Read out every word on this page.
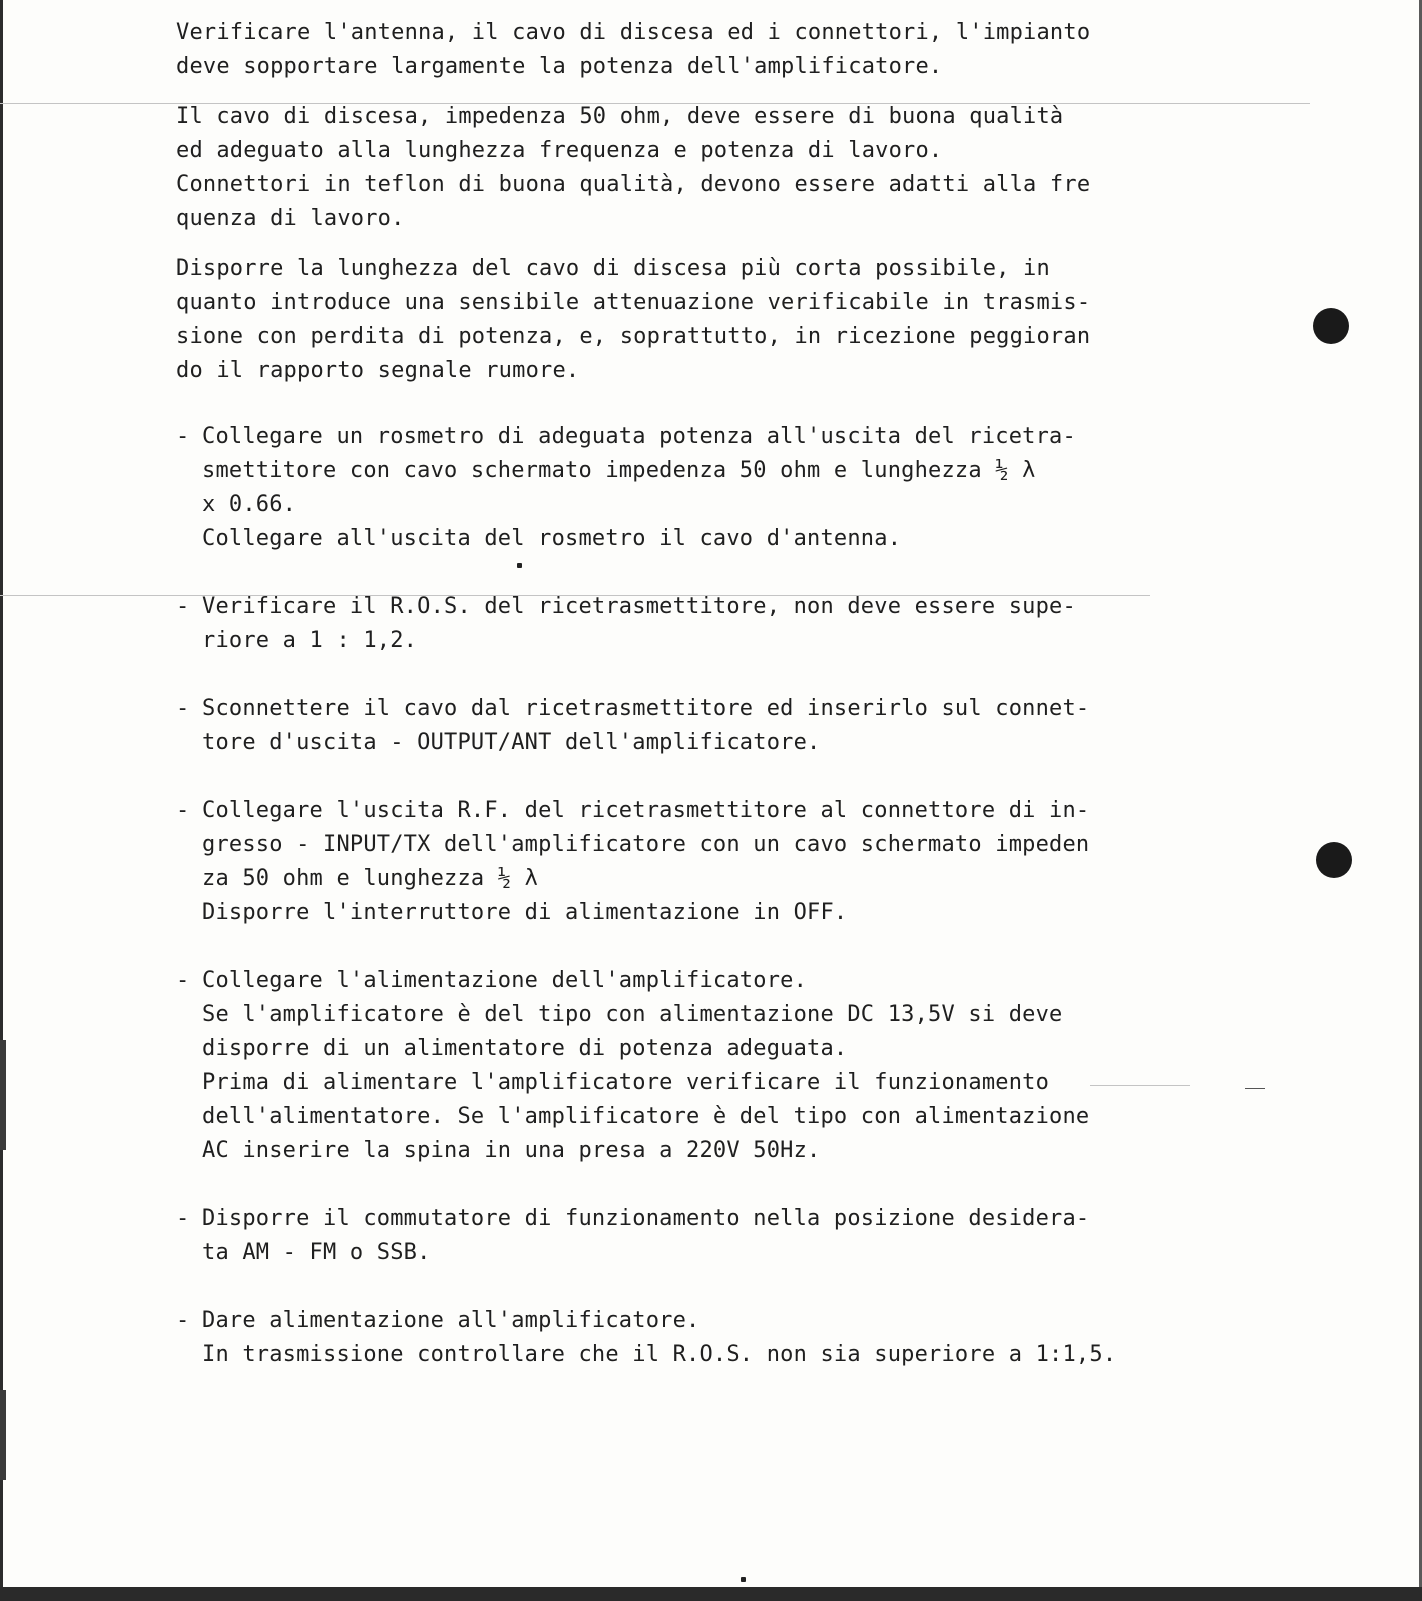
Verificare l'antenna, il cavo di discesa ed i connettori, l'impianto
deve sopportare largamente la potenza dell'amplificatore.
Il cavo di discesa, impedenza 50 ohm, deve essere di buona qualità
ed adeguato alla lunghezza frequenza e potenza di lavoro.
Connettori in teflon di buona qualità, devono essere adatti alla fre
quenza di lavoro.
Disporre la lunghezza del cavo di discesa più corta possibile, in
quanto introduce una sensibile attenuazione verificabile in trasmis-
sione con perdita di potenza, e, soprattutto, in ricezione peggioran
do il rapporto segnale rumore.
- Collegare un rosmetro di adeguata potenza all'uscita del ricetra-
smettitore con cavo schermato impedenza 50 ohm e lunghezza ½ λ
x 0.66.
Collegare all'uscita del rosmetro il cavo d'antenna.
- Verificare il R.O.S. del ricetrasmettitore, non deve essere supe-
riore a 1 : 1,2.
- Sconnettere il cavo dal ricetrasmettitore ed inserirlo sul connet-
tore d'uscita - OUTPUT/ANT dell'amplificatore.
- Collegare l'uscita R.F. del ricetrasmettitore al connettore di in-
gresso - INPUT/TX dell'amplificatore con un cavo schermato impeden
za 50 ohm e lunghezza ½ λ
Disporre l'interruttore di alimentazione in OFF.
- Collegare l'alimentazione dell'amplificatore.
Se l'amplificatore è del tipo con alimentazione DC 13,5V si deve
disporre di un alimentatore di potenza adeguata.
Prima di alimentare l'amplificatore verificare il funzionamento
dell'alimentatore. Se l'amplificatore è del tipo con alimentazione
AC inserire la spina in una presa a 220V 50Hz.
- Disporre il commutatore di funzionamento nella posizione desidera-
ta AM - FM o SSB.
- Dare alimentazione all'amplificatore.
In trasmissione controllare che il R.O.S. non sia superiore a 1:1,5.
